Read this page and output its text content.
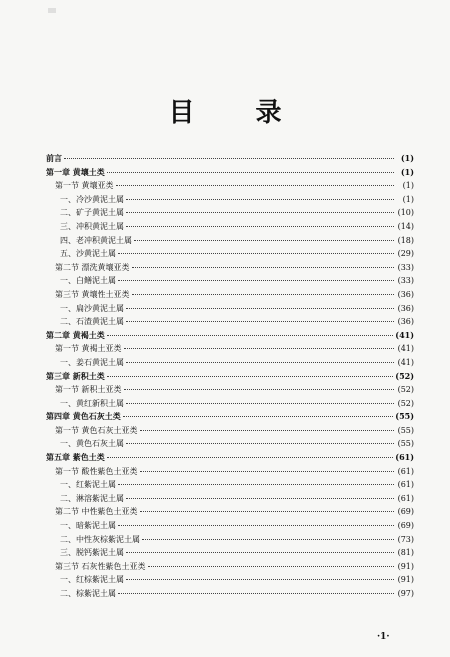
目 录
前言	(1)
第一章 黄壤土类	(1)
第一节 黄壤亚类	(1)
一、冷沙黄泥土属	(1)
二、矿子黄泥土属	(10)
三、冲积黄泥土属	(14)
四、老冲积黄泥土属	(18)
五、沙黄泥土属	(29)
第二节 漂洗黄壤亚类	(33)
一、白鳝泥土属	(33)
第三节 黄壤性土亚类	(36)
一、扁沙黄泥土属	(36)
二、石渣黄泥土属	(36)
第二章 黄褐土类	(41)
第一节 黄褐土亚类	(41)
一、姜石黄泥土属	(41)
第三章 新积土类	(52)
第一节 新积土亚类	(52)
一、黄红新积土属	(52)
第四章 黄色石灰土类	(55)
第一节 黄色石灰土亚类	(55)
一、黄色石灰土属	(55)
第五章 紫色土类	(61)
第一节 酸性紫色土亚类	(61)
一、红紫泥土属	(61)
二、淋溶紫泥土属	(61)
第二节 中性紫色土亚类	(69)
一、暗紫泥土属	(69)
二、中性灰棕紫泥土属	(73)
三、脱钙紫泥土属	(81)
第三节 石灰性紫色土亚类	(91)
一、红棕紫泥土属	(91)
二、棕紫泥土属	(97)
·1·
